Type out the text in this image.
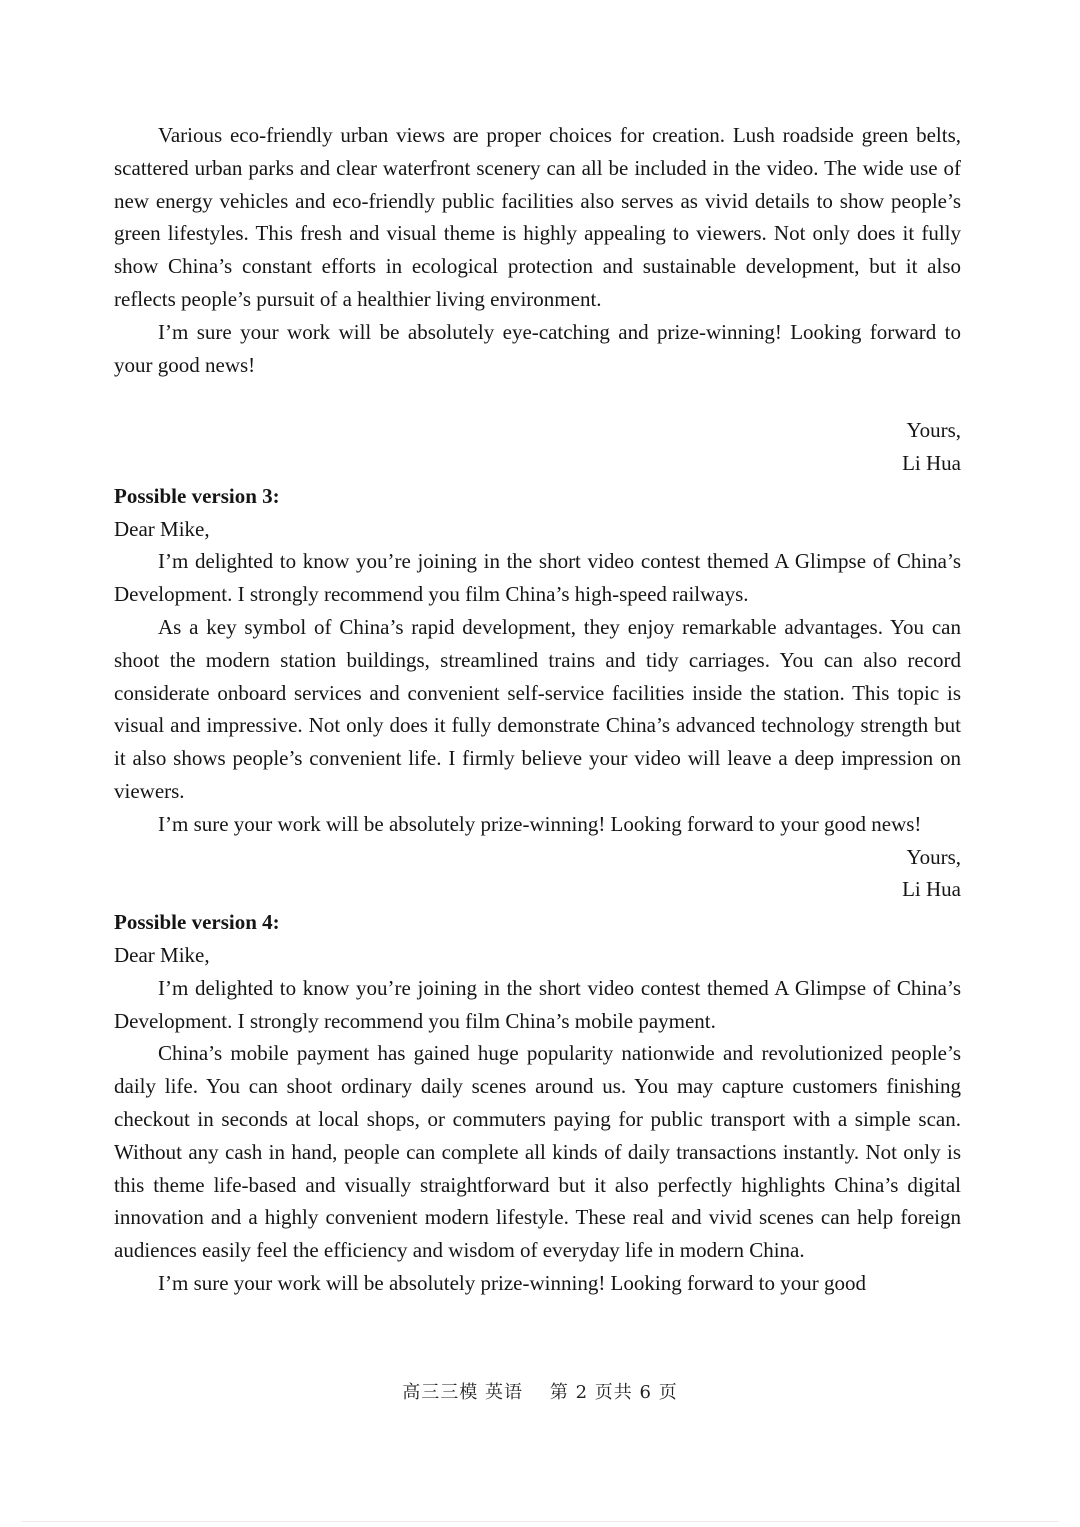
Various eco-friendly urban views are proper choices for creation. Lush roadside green belts, scattered urban parks and clear waterfront scenery can all be included in the video. The wide use of new energy vehicles and eco-friendly public facilities also serves as vivid details to show people’s green lifestyles. This fresh and visual theme is highly appealing to viewers. Not only does it fully show China’s constant efforts in ecological protection and sustainable development, but it also reflects people’s pursuit of a healthier living environment.

I’m sure your work will be absolutely eye-catching and prize-winning! Looking forward to your good news!

Yours,

Li Hua

Possible version 3:

Dear Mike,

I’m delighted to know you’re joining in the short video contest themed A Glimpse of China’s Development. I strongly recommend you film China’s high-speed railways.

As a key symbol of China’s rapid development, they enjoy remarkable advantages. You can shoot the modern station buildings, streamlined trains and tidy carriages. You can also record considerate onboard services and convenient self-service facilities inside the station. This topic is visual and impressive. Not only does it fully demonstrate China’s advanced technology strength but it also shows people’s convenient life. I firmly believe your video will leave a deep impression on viewers.

I’m sure your work will be absolutely prize-winning! Looking forward to your good news!

Yours,

Li Hua

Possible version 4:

Dear Mike,

I’m delighted to know you’re joining in the short video contest themed A Glimpse of China’s Development. I strongly recommend you film China’s mobile payment.

China’s mobile payment has gained huge popularity nationwide and revolutionized people’s daily life. You can shoot ordinary daily scenes around us. You may capture customers finishing checkout in seconds at local shops, or commuters paying for public transport with a simple scan. Without any cash in hand, people can complete all kinds of daily transactions instantly. Not only is this theme life-based and visually straightforward but it also perfectly highlights China’s digital innovation and a highly convenient modern lifestyle. These real and vivid scenes can help foreign audiences easily feel the efficiency and wisdom of everyday life in modern China.

I’m sure your work will be absolutely prize-winning! Looking forward to your good

高三三模 英语    第 2 页共 6 页
